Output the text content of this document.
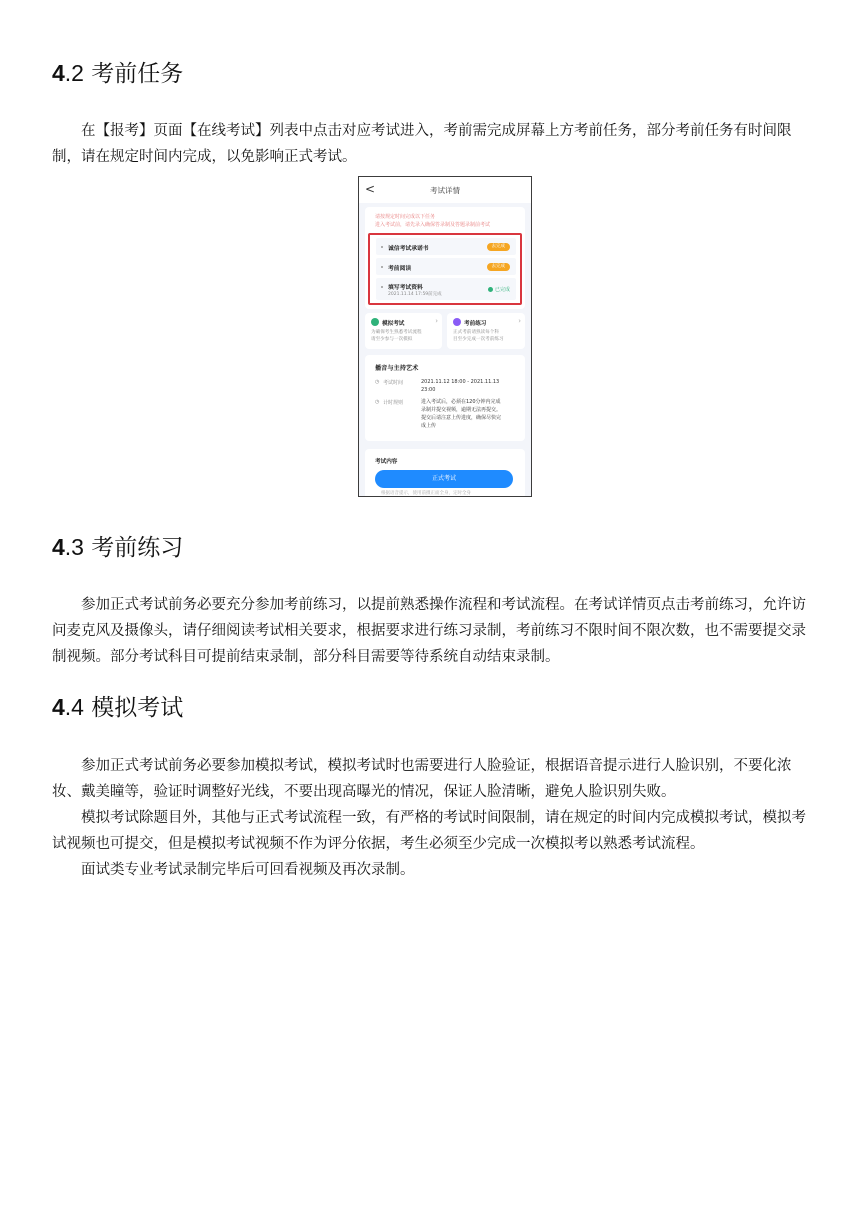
4.2 考前任务

在【报考】页面【在线考试】列表中点击对应考试进入，考前需完成屏幕上方考前任务，部分考前任务有时间限制，请在规定时间内完成，以免影响正式考试。

<	考试详情
请按规定时间完成以下任务
进入考试前，请先录入确保答录制及答题录制前考试
诚信考试承诺书	去完成
考前阅读	去完成
填写考试资料
2021.11.14 17:59前完成
已完成
模拟考试	›
为确保考生熟悉考试流程
请至少参与一次模拟
考前练习	›
正式考前请熟读每个科
目至少完成一次考前练习
播音与主持艺术
◷ 考试时间	2021.11.12 18:00 - 2021.11.13
23:00
◷ 计时规则	进入考试后，必须在120分钟内完成
录制并提交视频，逾期无法再提交。
提交后请注意上传进度，确保尽快完
成上传
考试内容
正式考试
根据语音提示，使用前摄正面全身，定时全身
4.3 考前练习

参加正式考试前务必要充分参加考前练习，以提前熟悉操作流程和考试流程。在考试详情页点击考前练习，允许访问麦克风及摄像头，请仔细阅读考试相关要求，根据要求进行练习录制，考前练习不限时间不限次数，也不需要提交录制视频。部分考试科目可提前结束录制，部分科目需要等待系统自动结束录制。

4.4 模拟考试

参加正式考试前务必要参加模拟考试，模拟考试时也需要进行人脸验证，根据语音提示进行人脸识别，不要化浓妆、戴美瞳等，验证时调整好光线，不要出现高曝光的情况，保证人脸清晰，避免人脸识别失败。

模拟考试除题目外，其他与正式考试流程一致，有严格的考试时间限制，请在规定的时间内完成模拟考试，模拟考试视频也可提交，但是模拟考试视频不作为评分依据，考生必须至少完成一次模拟考以熟悉考试流程。

面试类专业考试录制完毕后可回看视频及再次录制。
